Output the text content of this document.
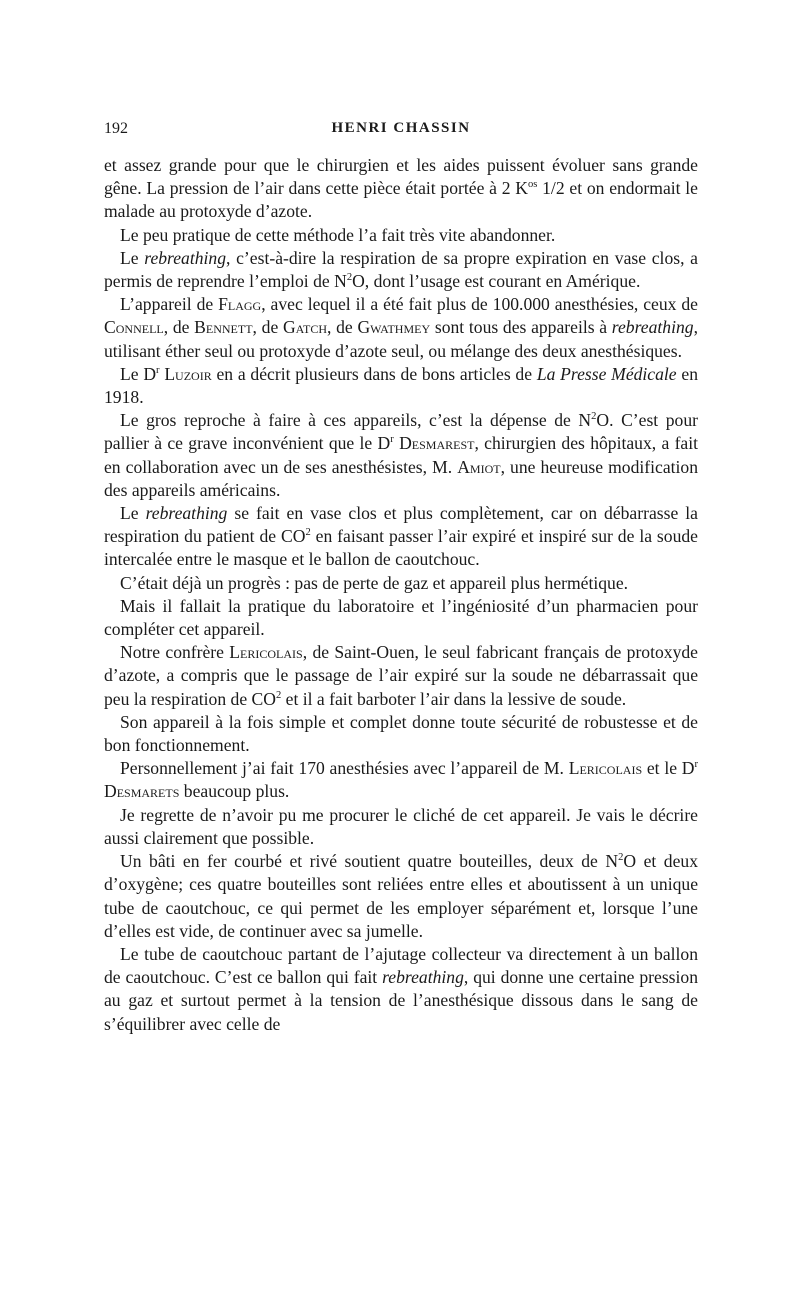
192	HENRI CHASSIN

et assez grande pour que le chirurgien et les aides puissent évoluer sans grande gêne. La pression de l’air dans cette pièce était portée à 2 $K^{os}$ 1/2 et on endormait le malade au protoxyde d’azote.

Le peu pratique de cette méthode l’a fait très vite abandonner.

Le rebreathing, c’est-à-dire la respiration de sa propre expiration en vase clos, a permis de reprendre l’emploi de $N^2O$, dont l’usage est courant en Amérique.

L’appareil de Flagg, avec lequel il a été fait plus de 100.000 anesthésies, ceux de Connell, de Bennett, de Gatch, de Gwathmey sont tous des appareils à rebreathing, utilisant éther seul ou protoxyde d’azote seul, ou mélange des deux anesthésiques.

Le $D^r$ Luzoir en a décrit plusieurs dans de bons articles de La Presse Médicale en 1918.

Le gros reproche à faire à ces appareils, c’est la dépense de $N^2O$. C’est pour pallier à ce grave inconvénient que le $D^r$ Desmarest, chirurgien des hôpitaux, a fait en collaboration avec un de ses anesthésistes, M. Amiot, une heureuse modification des appareils américains.

Le rebreathing se fait en vase clos et plus complètement, car on débarrasse la respiration du patient de $CO^2$ en faisant passer l’air expiré et inspiré sur de la soude intercalée entre le masque et le ballon de caoutchouc.

C’était déjà un progrès : pas de perte de gaz et appareil plus hermétique.

Mais il fallait la pratique du laboratoire et l’ingéniosité d’un pharmacien pour compléter cet appareil.

Notre confrère Lericolais, de Saint-Ouen, le seul fabricant français de protoxyde d’azote, a compris que le passage de l’air expiré sur la soude ne débarrassait que peu la respiration de $CO^2$ et il a fait barboter l’air dans la lessive de soude.

Son appareil à la fois simple et complet donne toute sécurité de robustesse et de bon fonctionnement.

Personnellement j’ai fait 170 anesthésies avec l’appareil de M. Lericolais et le $D^r$ Desmarets beaucoup plus.

Je regrette de n’avoir pu me procurer le cliché de cet appareil. Je vais le décrire aussi clairement que possible.

Un bâti en fer courbé et rivé soutient quatre bouteilles, deux de $N^2O$ et deux d’oxygène; ces quatre bouteilles sont reliées entre elles et aboutissent à un unique tube de caoutchouc, ce qui permet de les employer séparément et, lorsque l’une d’elles est vide, de continuer avec sa jumelle.

Le tube de caoutchouc partant de l’ajutage collecteur va directement à un ballon de caoutchouc. C’est ce ballon qui fait rebreathing, qui donne une certaine pression au gaz et surtout permet à la tension de l’anesthésique dissous dans le sang de s’équilibrer avec celle de
